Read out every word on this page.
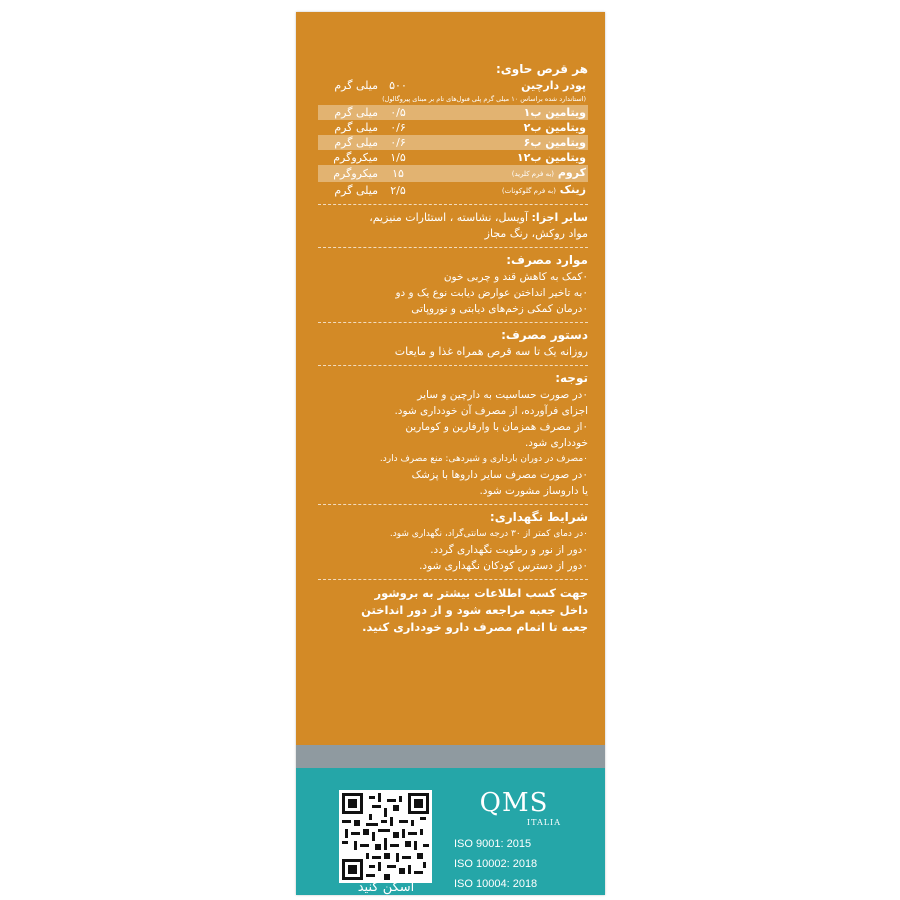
هر قرص حاوی:
پودر دارچین	۵۰۰	میلی گرم
(استاندارد شده براساس ۱۰ میلی گرم پلی فنول‌های تام بر مبنای پیروگالول)		
ویتامین ب۱	۰/۵	میلی گرم
ویتامین ب۲	۰/۶	میلی گرم
ویتامین ب۶	۰/۶	میلی گرم
ویتامین ب۱۲	۱/۵	میکروگرم
کروم (به فرم کلرید)	۱۵	میکروگرم
زینک (به فرم گلوکونات)	۲/۵	میلی گرم
سایر اجزا: آویسل، نشاسته ، استئارات منیزیم،
مواد روکش، رنگ مجاز
موارد مصرف:
٠کمک به کاهش قند و چربی خون
٠به تاخیر انداختن عوارض دیابت نوع یک و دو
٠درمان کمکی زخم‌های دیابتی و نوروپاتی
دستور مصرف:
روزانه یک تا سه قرص همراه غذا و مایعات
توجه:
٠در صورت حساسیت به دارچین و سایر
اجزای فرآورده، از مصرف آن خودداری شود.
٠از مصرف همزمان با وارفارین و کومارین
خودداری شود.
٠مصرف در دوران بارداری و شیردهی: منع مصرف دارد.
٠در صورت مصرف سایر داروها با پزشک
یا داروساز مشورت شود.
شرایط نگهداری:
٠در دمای کمتر از ۳۰ درجه سانتی‌گراد، نگهداری شود.
٠دور از نور و رطوبت نگهداری گردد.
٠دور از دسترس کودکان نگهداری شود.
جهت کسب اطلاعات بیشتر به بروشور
داخل جعبه مراجعه شود و از دور انداختن
جعبه تا اتمام مصرف دارو خودداری کنید.
اسکن کنید
QMS
ITALIA
ISO 9001: 2015
ISO 10002: 2018
ISO 10004: 2018
